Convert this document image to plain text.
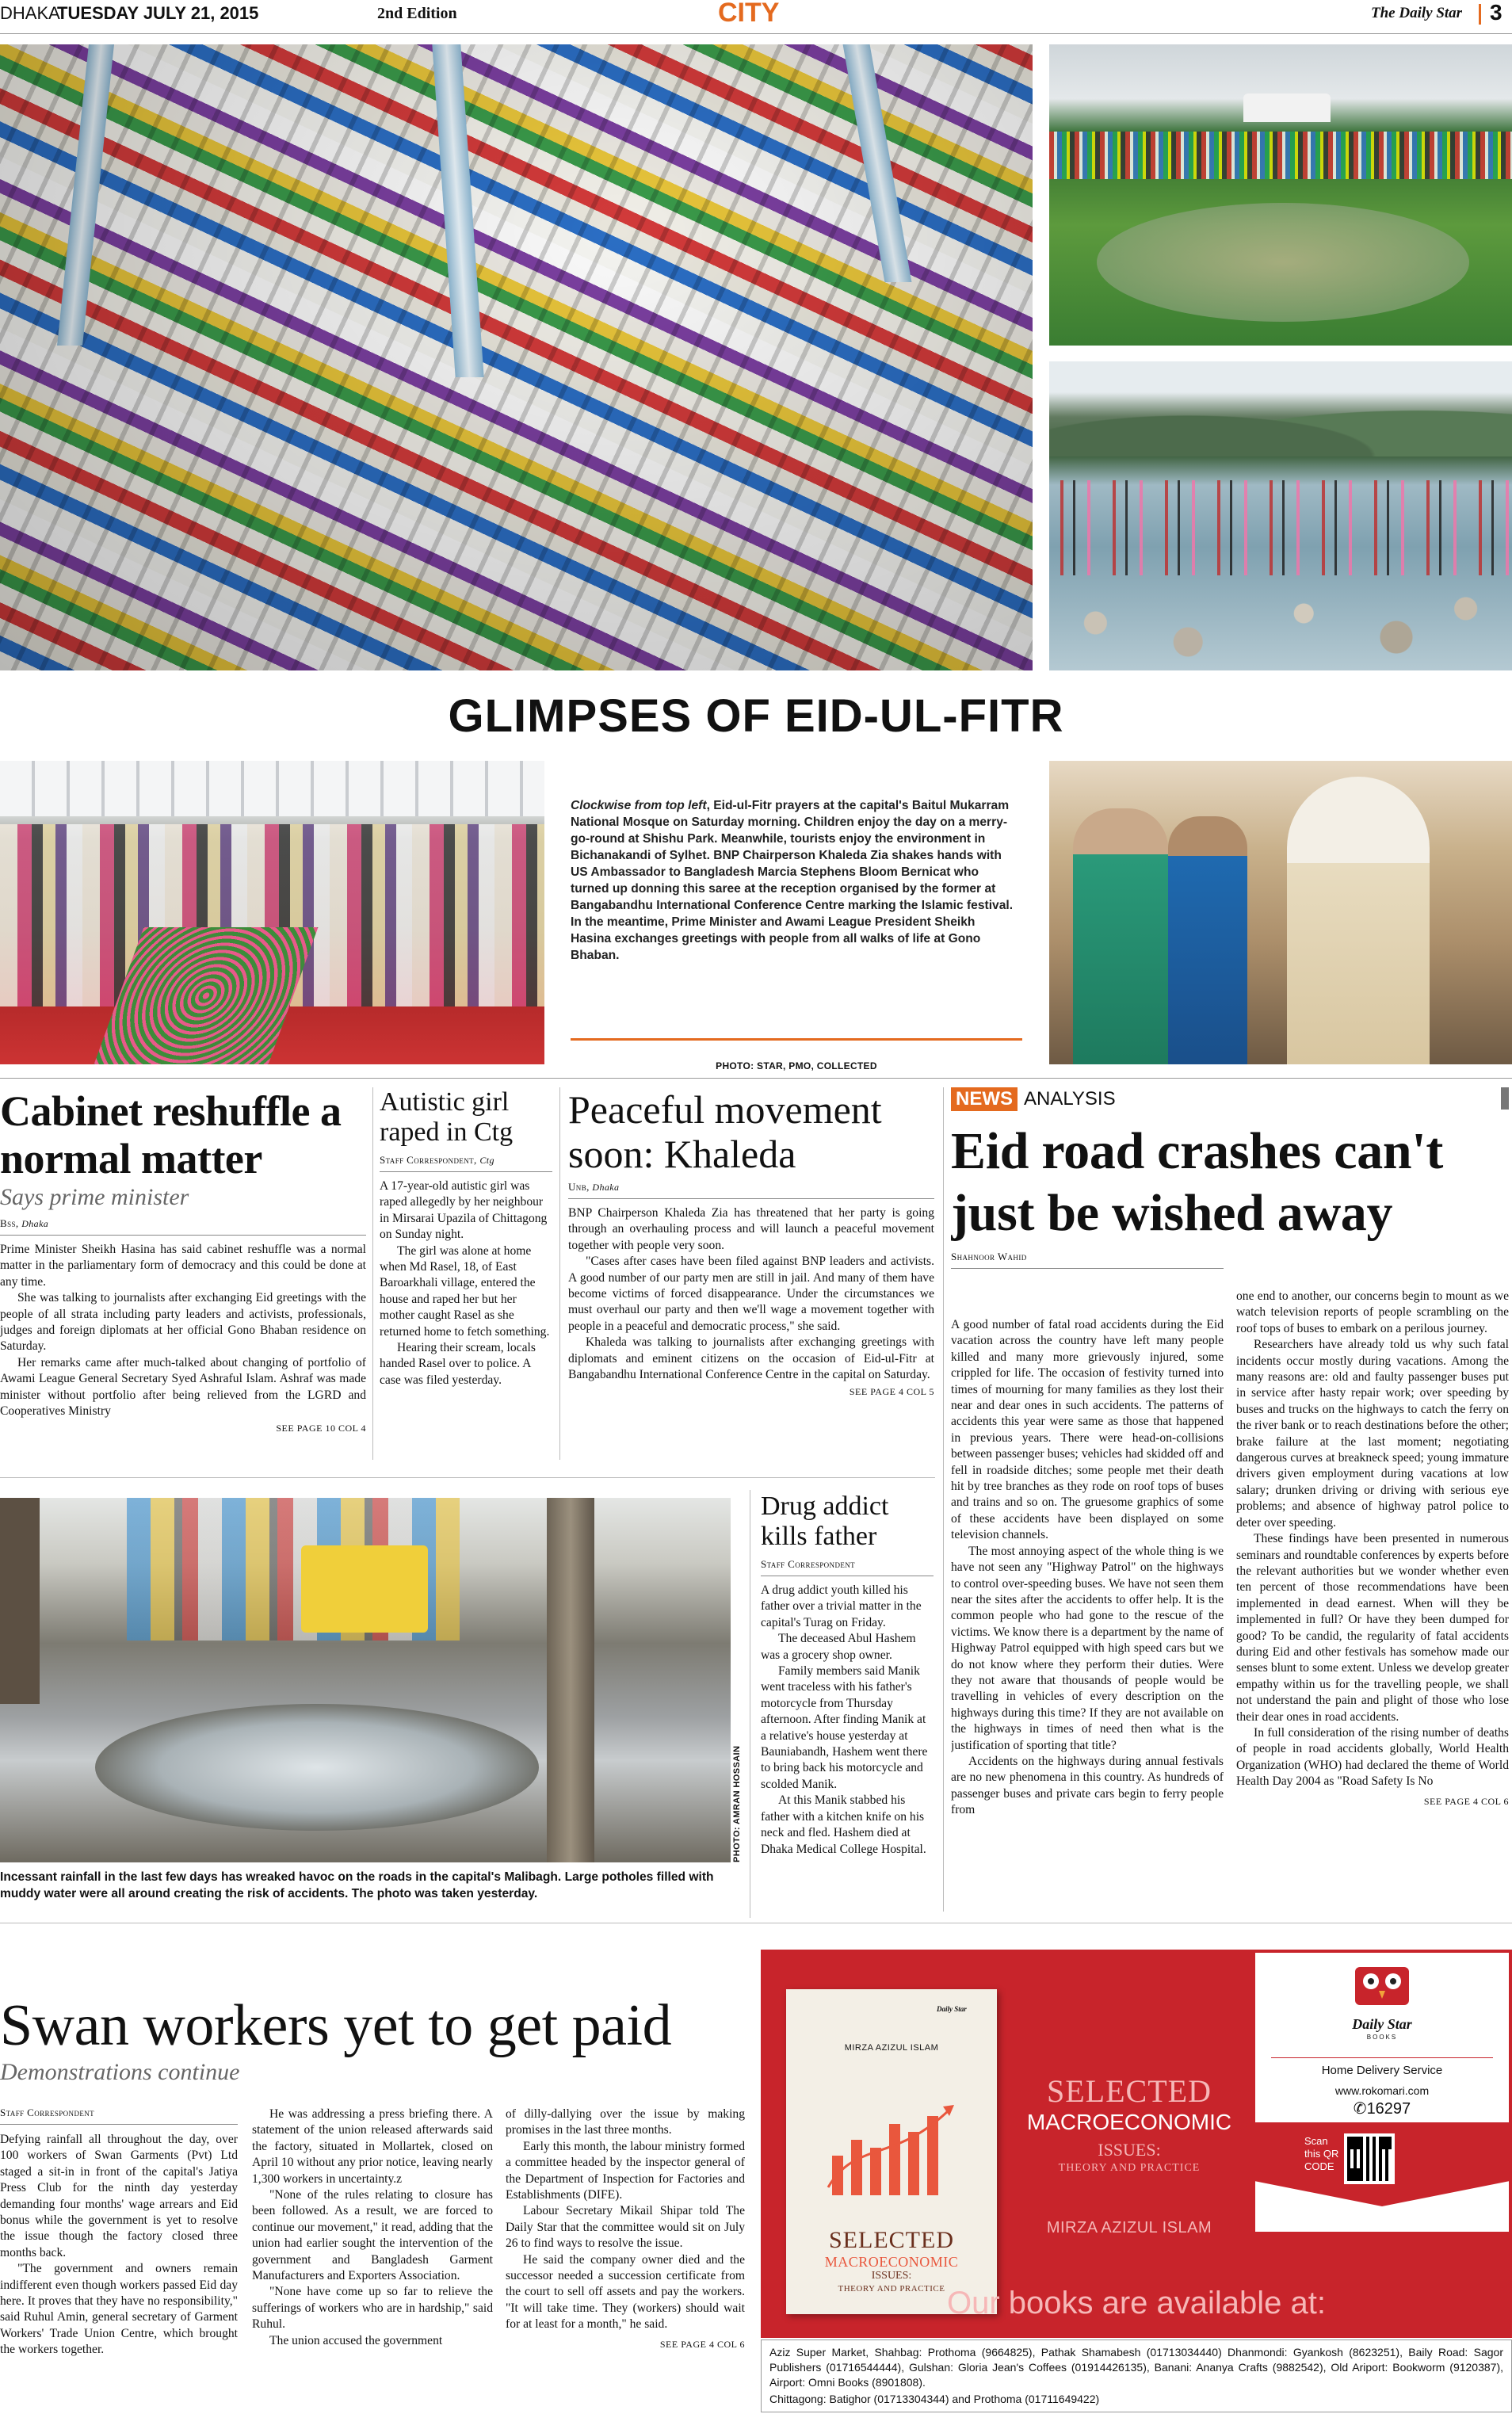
DHAKA
TUESDAY JULY 21, 2015	2nd Edition	CITY	The Daily Star 3
GLIMPSES OF EID-UL-FITR
Clockwise from top left, Eid-ul-Fitr prayers at the capital's Baitul Mukarram National Mosque on Saturday morning. Children enjoy the day on a merry-go-round at Shishu Park. Meanwhile, tourists enjoy the environment in Bichanakandi of Sylhet. BNP Chairperson Khaleda Zia shakes hands with US Ambassador to Bangladesh Marcia Stephens Bloom Bernicat who turned up donning this saree at the reception organised by the former at Bangabandhu International Conference Centre marking the Islamic festival. In the meantime, Prime Minister and Awami League President Sheikh Hasina exchanges greetings with people from all walks of life at Gono Bhaban.
PHOTO: STAR, PMO, COLLECTED
Cabinet reshuffle a normal matter
Says prime minister
Bss, Dhaka

Prime Minister Sheikh Hasina has said cabinet reshuffle was a normal matter in the parliamentary form of democracy and this could be done at any time.

She was talking to journalists after exchanging Eid greetings with the people of all strata including party leaders and activists, professionals, judges and foreign diplomats at her official Gono Bhaban residence on Saturday.

Her remarks came after much-talked about changing of portfolio of Awami League General Secretary Syed Ashraful Islam. Ashraf was made minister without portfolio after being relieved from the LGRD and Cooperatives Ministry

SEE PAGE 10 COL 4
Autistic girl raped in Ctg
Staff Correspondent, Ctg

A 17-year-old autistic girl was raped allegedly by her neighbour in Mirsarai Upazila of Chittagong on Sunday night.

The girl was alone at home when Md Rasel, 18, of East Baroarkhali village, entered the house and raped her but her mother caught Rasel as she returned home to fetch something.

Hearing their scream, locals handed Rasel over to police. A case was filed yesterday.

Peaceful movement soon: Khaleda
Unb, Dhaka

BNP Chairperson Khaleda Zia has threatened that her party is going through an overhauling process and will launch a peaceful movement together with people very soon.

"Cases after cases have been filed against BNP leaders and activists. A good number of our party men are still in jail. And many of them have become victims of forced disappearance. Under the circumstances we must overhaul our party and then we'll wage a movement together with people in a peaceful and democratic process," she said.

Khaleda was talking to journalists after exchanging greetings with diplomats and eminent citizens on the occasion of Eid-ul-Fitr at Bangabandhu International Conference Centre in the capital on Saturday.

SEE PAGE 4 COL 5
NEWS ANALYSIS
Eid road crashes can't just be wished away
Shahnoor Wahid

A good number of fatal road accidents during the Eid vacation across the country have left many people killed and many more grievously injured, some crippled for life. The occasion of festivity turned into times of mourning for many families as they lost their near and dear ones in such accidents. The patterns of accidents this year were same as those that happened in previous years. There were head-on-collisions between passenger buses; vehicles had skidded off and fell in roadside ditches; some people met their death hit by tree branches as they rode on roof tops of buses and trains and so on. The gruesome graphics of some of these accidents have been displayed on some television channels.

The most annoying aspect of the whole thing is we have not seen any "Highway Patrol" on the highways to control over-speeding buses. We have not seen them near the sites after the accidents to offer help. It is the common people who had gone to the rescue of the victims. We know there is a department by the name of Highway Patrol equipped with high speed cars but we do not know where they perform their duties. Were they not aware that thousands of people would be travelling in vehicles of every description on the highways during this time? If they are not available on the highways in times of need then what is the justification of sporting that title?

Accidents on the highways during annual festivals are no new phenomena in this country. As hundreds of passenger buses and private cars begin to ferry people from

one end to another, our concerns begin to mount as we watch television reports of people scrambling on the roof tops of buses to embark on a perilous journey.

Researchers have already told us why such fatal incidents occur mostly during vacations. Among the many reasons are: old and faulty passenger buses put in service after hasty repair work; over speeding by buses and trucks on the highways to catch the ferry on the river bank or to reach destinations before the other; brake failure at the last moment; negotiating dangerous curves at breakneck speed; young immature drivers given employment during vacations at low salary; drunken driving or driving with serious eye problems; and absence of highway patrol police to deter over speeding.

These findings have been presented in numerous seminars and roundtable conferences by experts before the relevant authorities but we wonder whether even ten percent of those recommendations have been implemented in dead earnest. When will they be implemented in full? Or have they been dumped for good? To be candid, the regularity of fatal accidents during Eid and other festivals has somehow made our senses blunt to some extent. Unless we develop greater empathy within us for the travelling people, we shall not understand the pain and plight of those who lose their dear ones in road accidents.

In full consideration of the rising number of deaths of people in road accidents globally, World Health Organization (WHO) had declared the theme of World Health Day 2004 as "Road Safety Is No

SEE PAGE 4 COL 6
PHOTO: AMRAN HOSSAIN
Incessant rainfall in the last few days has wreaked havoc on the roads in the capital's Malibagh. Large potholes filled with muddy water were all around creating the risk of accidents. The photo was taken yesterday.
Drug addict kills father
Staff Correspondent

A drug addict youth killed his father over a trivial matter in the capital's Turag on Friday.

The deceased Abul Hashem was a grocery shop owner.

Family members said Manik went traceless with his father's motorcycle from Thursday afternoon. After finding Manik at a relative's house yesterday at Bauniabandh, Hashem went there to bring back his motorcycle and scolded Manik.

At this Manik stabbed his father with a kitchen knife on his neck and fled. Hashem died at Dhaka Medical College Hospital.

Swan workers yet to get paid
Demonstrations continue
Staff Correspondent

Defying rainfall all throughout the day, over 100 workers of Swan Garments (Pvt) Ltd staged a sit-in in front of the capital's Jatiya Press Club for the ninth day yesterday demanding four months' wage arrears and Eid bonus while the government is yet to resolve the issue though the factory closed three months back.

"The government and owners remain indifferent even though workers passed Eid day here. It proves that they have no responsibility," said Ruhul Amin, general secretary of Garment Workers' Trade Union Centre, which brought the workers together.

He was addressing a press briefing there. A statement of the union released afterwards said the factory, situated in Mollartek, closed on April 10 without any prior notice, leaving nearly 1,300 workers in uncertainty.z

"None of the rules relating to closure has been followed. As a result, we are forced to continue our movement," it read, adding that the union had earlier sought the intervention of the government and Bangladesh Garment Manufacturers and Exporters Association.

"None have come up so far to relieve the sufferings of workers who are in hardship," said Ruhul.

The union accused the government

of dilly-dallying over the issue by making promises in the last three months.

Early this month, the labour ministry formed a committee headed by the inspector general of the Department of Inspection for Factories and Establishments (DIFE).

Labour Secretary Mikail Shipar told The Daily Star that the committee would sit on July 26 to find ways to resolve the issue.

He said the company owner died and the successor needed a succession certificate from the court to sell off assets and pay the workers. "It will take time. They (workers) should wait for at least for a month," he said.

SEE PAGE 4 COL 6
Daily Star
MIRZA AZIZUL ISLAM
SELECTED
MACROECONOMIC
ISSUES:
THEORY AND PRACTICE
SELECTED
MACROECONOMIC
ISSUES:
THEORY AND PRACTICE
MIRZA AZIZUL ISLAM
Daily Star
BOOKS
Home Delivery Service
www.rokomari.com
✆16297
Scan this QR CODE
Our books are available at:
Aziz Super Market, Shahbag: Prothoma (9664825), Pathak Shamabesh (01713034440) Dhanmondi: Gyankosh (8623251), Baily Road: Sagor Publishers (01716544444), Gulshan: Gloria Jean's Coffees (01914426135), Banani: Ananya Crafts (9882542), Old Ariport: Bookworm (9120387), Airport: Omni Books (8901808).
Chittagong: Batighor (01713304344) and Prothoma (01711649422)
